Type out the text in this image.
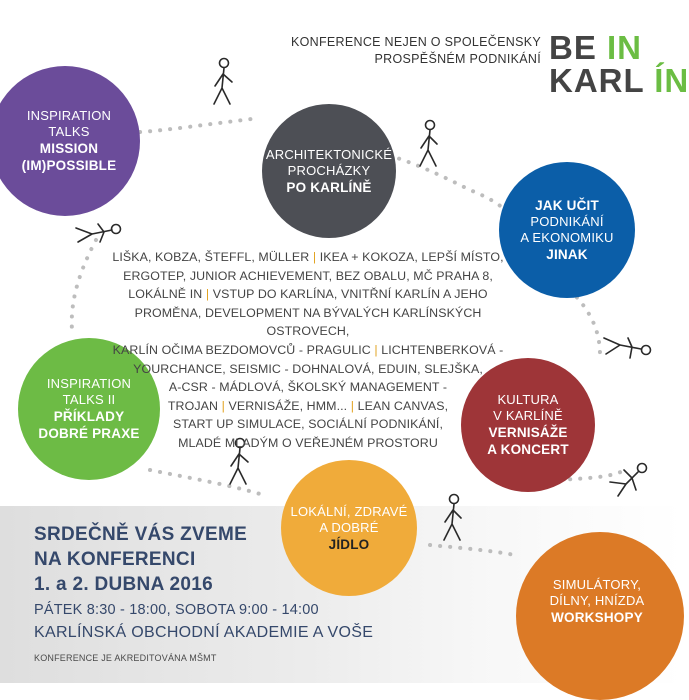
KONFERENCE NEJEN O SPOLEČENSKY
PROSPĚŠNÉM PODNIKÁNÍ BE IN
KARL ÍN
INSPIRATION
TALKS
MISSION
(IM)POSSIBLE
ARCHITEKTONICKÉ
PROCHÁZKY
PO KARLÍNĚ
JAK UČIT
PODNIKÁNÍ
A EKONOMIKU
JINAK
INSPIRATION
TALKS II
PŘÍKLADY
DOBRÉ PRAXE
KULTURA
V KARLÍNĚ
VERNISÁŽE
A KONCERT
LOKÁLNÍ, ZDRAVÉ
A DOBRÉ
JÍDLO
SIMULÁTORY,
DÍLNY, HNÍZDA
WORKSHOPY
LIŠKA, KOBZA, ŠTEFFL, MÜLLER | IKEA + KOKOZA, LEPŠÍ MÍSTO,
ERGOTEP, JUNIOR ACHIEVEMENT, BEZ OBALU, MČ PRAHA 8,
LOKÁLNĚ IN | VSTUP DO KARLÍNA, VNITŘNÍ KARLÍN A JEHO
PROMĚNA, DEVELOPMENT NA BÝVALÝCH KARLÍNSKÝCH OSTROVECH,
KARLÍN OČIMA BEZDOMOVCŮ - PRAGULIC | LICHTENBERKOVÁ -
YOURCHANCE, SEISMIC - DOHNALOVÁ, EDUIN, SLEJŠKA,
A-CSR - MÁDLOVÁ, ŠKOLSKÝ MANAGEMENT -
TROJAN | VERNISÁŽE, HMM... | LEAN CANVAS,
START UP SIMULACE, SOCIÁLNÍ PODNIKÁNÍ,
MLADÉ MLADÝM O VEŘEJNÉM PROSTORU
SRDEČNĚ VÁS ZVEME
NA KONFERENCI
1. a 2. DUBNA 2016
PÁTEK 8:30 - 18:00, SOBOTA 9:00 - 14:00
KARLÍNSKÁ OBCHODNÍ AKADEMIE A VOŠE
KONFERENCE JE AKREDITOVÁNA MŠMT
